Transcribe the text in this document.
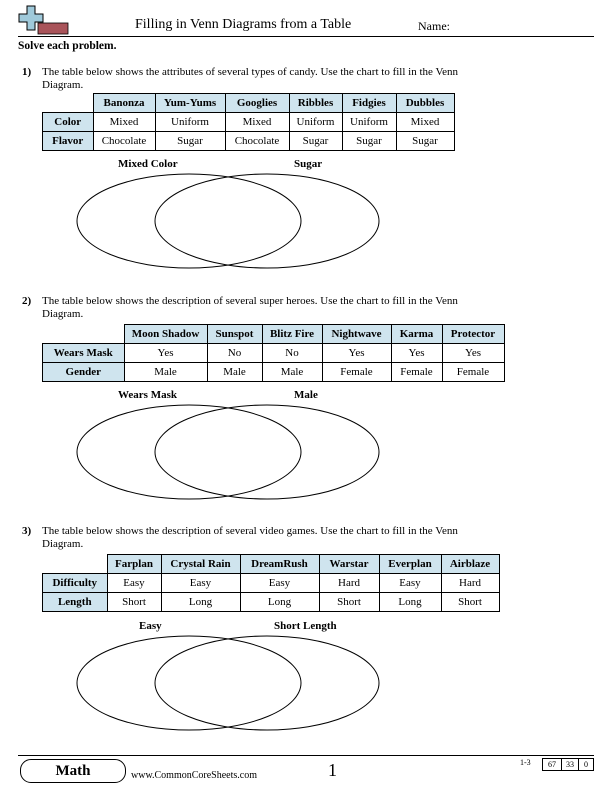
Filling in Venn Diagrams from a Table	Name:
Solve each problem.
1) The table below shows the attributes of several types of candy. Use the chart to fill in the Venn Diagram.
	Banonza	Yum-Yums	Googlies	Ribbles	Fidgies	Dubbles
Color	Mixed	Uniform	Mixed	Uniform	Uniform	Mixed
Flavor	Chocolate	Sugar	Chocolate	Sugar	Sugar	Sugar
Mixed Color	Sugar
2) The table below shows the description of several super heroes. Use the chart to fill in the Venn Diagram.
	Moon Shadow	Sunspot	Blitz Fire	Nightwave	Karma	Protector
Wears Mask	Yes	No	No	Yes	Yes	Yes
Gender	Male	Male	Male	Female	Female	Female
Wears Mask	Male
3) The table below shows the description of several video games. Use the chart to fill in the Venn Diagram.
	Farplan	Crystal Rain	DreamRush	Warstar	Everplan	Airblaze
Difficulty	Easy	Easy	Easy	Hard	Easy	Hard
Length	Short	Long	Long	Short	Long	Short
Easy	Short Length
Math	www.CommonCoreSheets.com	1	1-3	67	33	0
